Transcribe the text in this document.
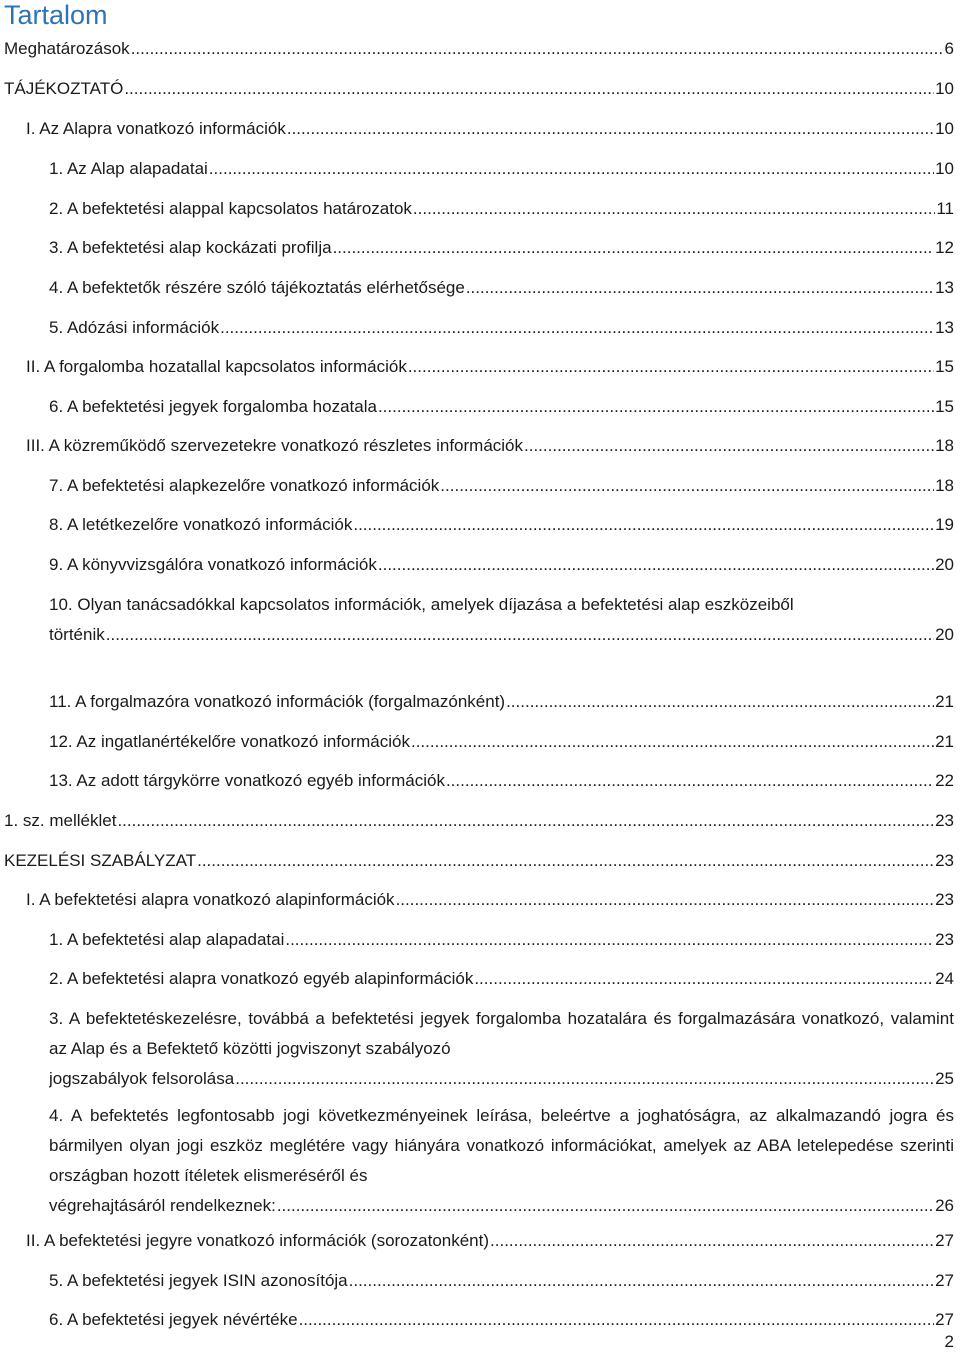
Tartalom
Meghatározások .....	6
TÁJÉKOZTATÓ .....	10
I. Az Alapra vonatkozó információk .....	10
1. Az Alap alapadatai .....	10
2. A befektetési alappal kapcsolatos határozatok .....	11
3. A befektetési alap kockázati profilja .....	12
4. A befektetők részére szóló tájékoztatás elérhetősége .....	13
5. Adózási információk .....	13
II. A forgalomba hozatallal kapcsolatos információk .....	15
6. A befektetési jegyek forgalomba hozatala .....	15
III. A közreműködő szervezetekre vonatkozó részletes információk .....	18
7. A befektetési alapkezelőre vonatkozó információk .....	18
8. A letétkezelőre vonatkozó információk .....	19
9. A könyvvizsgálóra vonatkozó információk .....	20
10. Olyan tanácsadókkal kapcsolatos információk, amelyek díjazása a befektetési alap eszközeiből
történik .....	20
11. A forgalmazóra vonatkozó információk (forgalmazónként) .....	21
12. Az ingatlanértékelőre vonatkozó információk .....	21
13. Az adott tárgykörre vonatkozó egyéb információk .....	22
1. sz. melléklet .....	23
KEZELÉSI SZABÁLYZAT .....	23
I. A befektetési alapra vonatkozó alapinformációk .....	23
1. A befektetési alap alapadatai .....	23
2. A befektetési alapra vonatkozó egyéb alapinformációk .....	24
3. A befektetéskezelésre, továbbá a befektetési jegyek forgalomba hozatalára és forgalmazására vonatkozó, valamint az Alap és a Befektető közötti jogviszonyt szabályozó
jogszabályok felsorolása .....	25
4. A befektetés legfontosabb jogi következményeinek leírása, beleértve a joghatóságra, az alkalmazandó jogra és bármilyen olyan jogi eszköz meglétére vagy hiányára vonatkozó információkat, amelyek az ABA letelepedése szerinti országban hozott ítéletek elismeréséről és
végrehajtásáról rendelkeznek: .....	26
II. A befektetési jegyre vonatkozó információk (sorozatonként) .....	27
5. A befektetési jegyek ISIN azonosítója .....	27
6. A befektetési jegyek névértéke .....	27
2
